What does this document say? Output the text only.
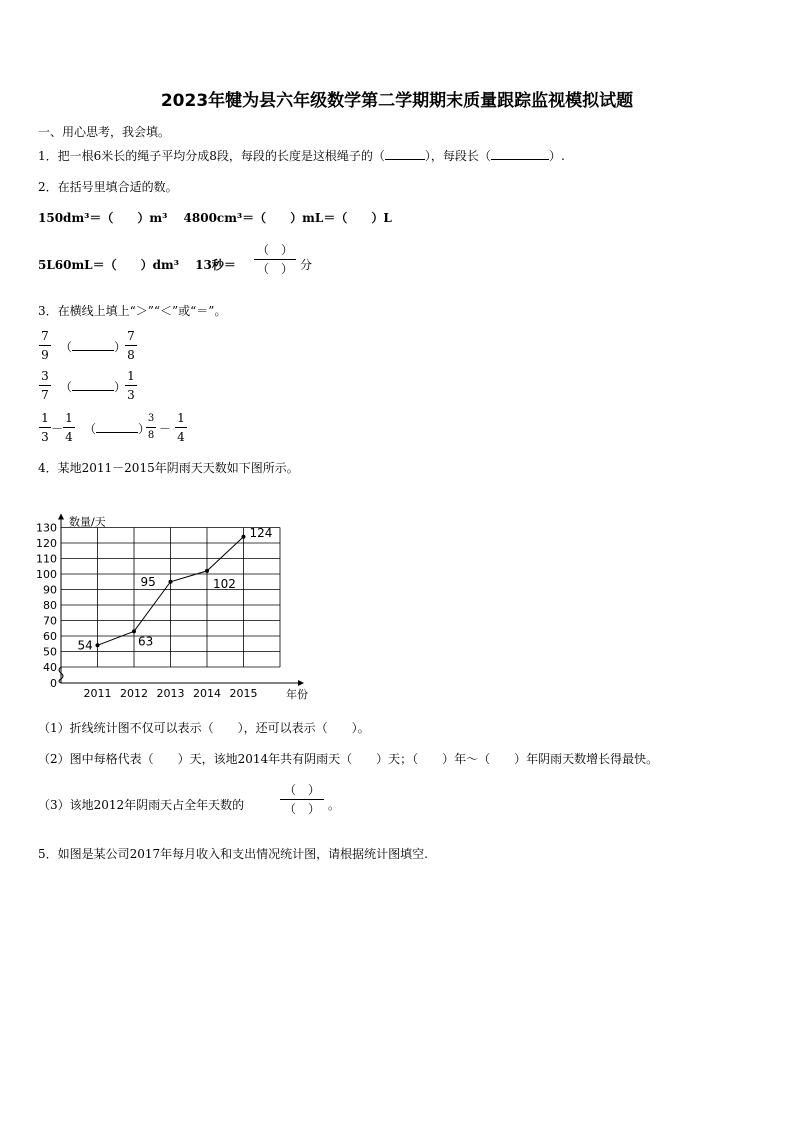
2023年犍为县六年级数学第二学期期末质量跟踪监视模拟试题
一、用心思考，我会填。
1．把一根6米长的绳子平均分成8段，每段的长度是这根绳子的（	），每段长（	）.
2．在括号里填合适的数。
150dm³＝（　　）m³　 4800cm³＝（　　）mL＝（　　）L
5L60mL＝（　　）dm³　 13秒＝
（　）
（　） 分
3．在横线上填上“＞”“＜”或“＝”。
7
9
（	）
7
8
3
7
（	）
1
3
1
3
－
1
4
（	）
3
8 －
1
4
4．某地2011－2015年阴雨天天数如下图所示。
0
40
50
60
70
80
90
100
110
120
130
2011 2012 2013 2014 2015
数量/天
年份
54	63
95	102
124
（1）折线统计图不仅可以表示（　　），还可以表示（　　）。
（2）图中每格代表（　　）天，该地2014年共有阴雨天（　　）天；（　　）年～（　　）年阴雨天数增长得最快。
（3）该地2012年阴雨天占全年天数的
（　）
（　） 。
5．如图是某公司2017年每月收入和支出情况统计图，请根据统计图填空.
